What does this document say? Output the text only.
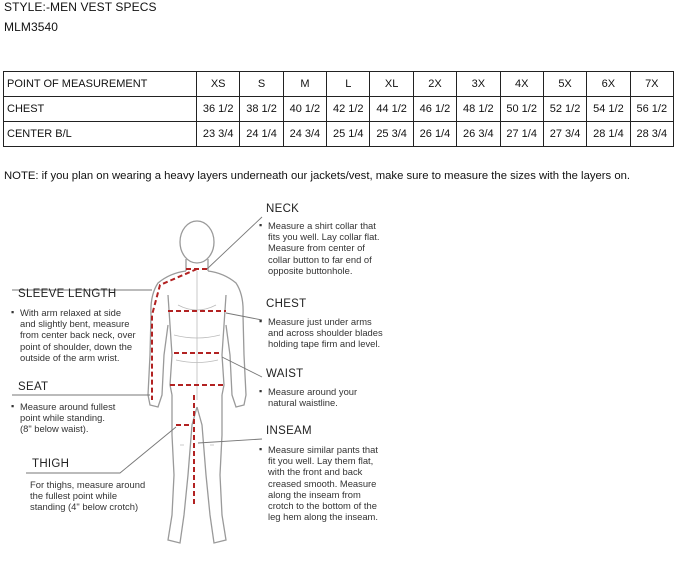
STYLE:-MEN VEST SPECS
MLM3540
POINT OF MEASUREMENT	XS	S	M	L	XL	2X	3X	4X	5X	6X	7X
CHEST	36 1/2	38 1/2	40 1/2	42 1/2	44 1/2	46 1/2	48 1/2	50 1/2	52 1/2	54 1/2	56 1/2
CENTER B/L	23 3/4	24 1/4	24 3/4	25 1/4	25 3/4	26 1/4	26 3/4	27 1/4	27 3/4	28 1/4	28 3/4
NOTE: if you plan on wearing a heavy layers underneath our jackets/vest, make sure to measure the sizes with the layers on.
NECK
▪ Measure a shirt collar that
fits you well. Lay collar flat.
Measure from center of
collar button to far end of
opposite buttonhole.
CHEST
▪ Measure just under arms
and across shoulder blades
holding tape firm and level.
WAIST
▪ Measure around your
natural waistline.
INSEAM
▪ Measure similar pants that
fit you well. Lay them flat,
with the front and back
creased smooth. Measure
along the inseam from
crotch to the bottom of the
leg hem along the inseam.
SLEEVE LENGTH
▪ With arm relaxed at side
and slightly bent, measure
from center back neck, over
point of shoulder, down the
outside of the arm wrist.
SEAT
▪ Measure around fullest
point while standing.
(8" below waist).
THIGH
For thighs, measure around
the fullest point while
standing (4" below crotch)
